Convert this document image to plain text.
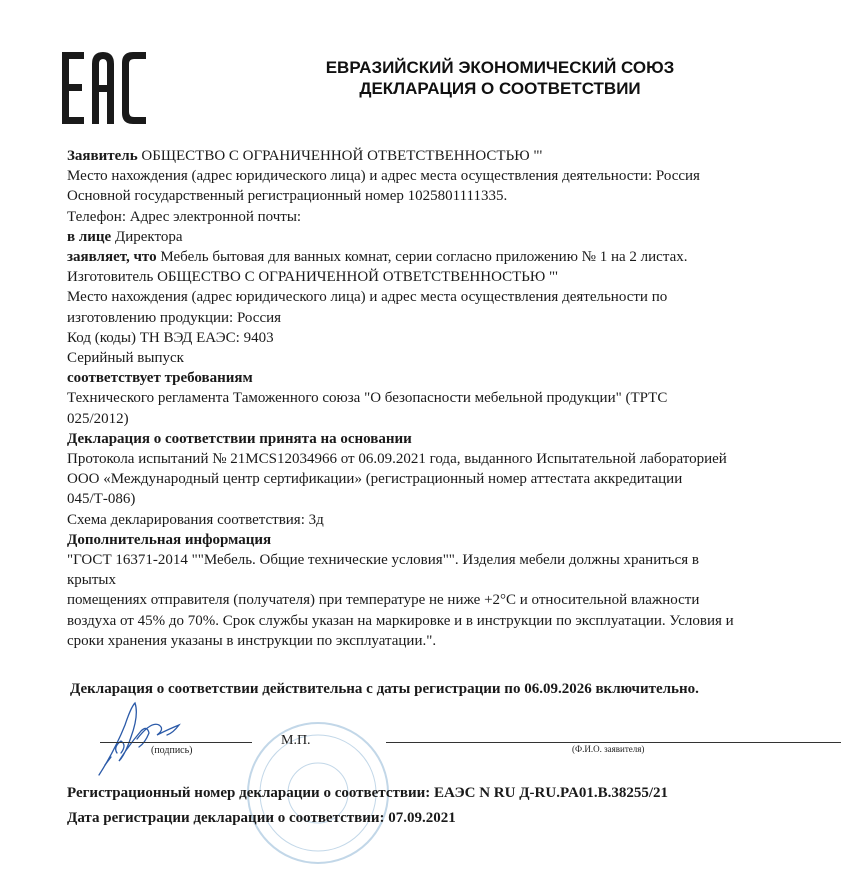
ЕВРАЗИЙСКИЙ ЭКОНОМИЧЕСКИЙ СОЮЗ
ДЕКЛАРАЦИЯ О СООТВЕТСТВИИ
Заявитель ОБЩЕСТВО С ОГРАНИЧЕННОЙ ОТВЕТСТВЕННОСТЬЮ "'
Место нахождения (адрес юридического лица) и адрес места осуществления деятельности: Россия
Основной государственный регистрационный номер 1025801111335.
Телефон: Адрес электронной почты:
в лице Директора
заявляет, что Мебель бытовая для ванных комнат, серии согласно приложению № 1 на 2 листах.
Изготовитель ОБЩЕСТВО С ОГРАНИЧЕННОЙ ОТВЕТСТВЕННОСТЬЮ "'
Место нахождения (адрес юридического лица) и адрес места осуществления деятельности по
изготовлению продукции: Россия
Код (коды) ТН ВЭД ЕАЭС: 9403
Серийный выпуск
соответствует требованиям
Технического регламента Таможенного союза "О безопасности мебельной продукции" (ТРТС
025/2012)
Декларация о соответствии принята на основании
Протокола испытаний № 21MCS12034966 от 06.09.2021 года, выданного Испытательной лабораторией
ООО «Международный центр сертификации» (регистрационный номер аттестата аккредитации
045/Т-086)
Схема декларирования соответствия: 3д
Дополнительная информация
"ГОСТ 16371-2014 ""Мебель. Общие технические условия"". Изделия мебели должны храниться в
крытых
помещениях отправителя (получателя) при температуре не ниже +2°С и относительной влажности
воздуха от 45% до 70%. Срок службы указан на маркировке и в инструкции по эксплуатации. Условия и
сроки хранения указаны в инструкции по эксплуатации.".
Декларация о соответствии действительна с даты регистрации по 06.09.2026 включительно.
(подпись)
М.П.
(Ф.И.О. заявителя)
Регистрационный номер декларации о соответствии: ЕАЭС N RU Д-RU.PA01.B.38255/21
Дата регистрации декларации о соответствии: 07.09.2021
